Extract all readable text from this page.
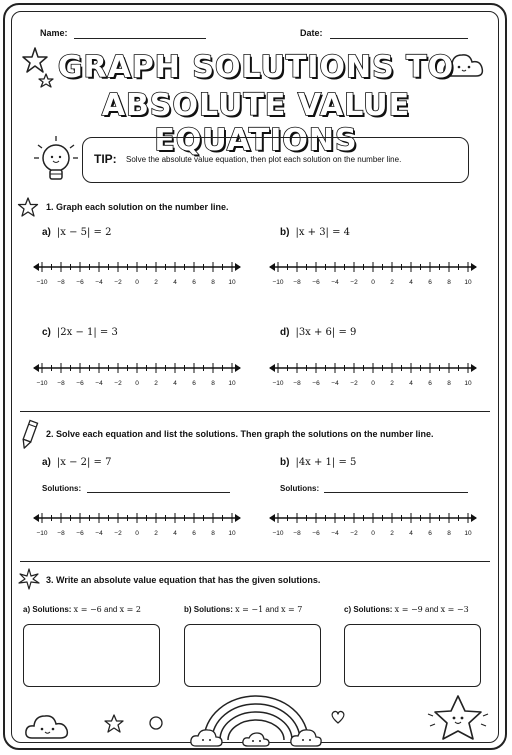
Name:	Date:
GRAPH SOLUTIONS TO
ABSOLUTE VALUE EQUATIONS
TIP: Solve the absolute value equation, then plot each solution on the number line.
1. Graph each solution on the number line.
a) |x − 5| = 2	b) |x + 3| = 4
c) |2x − 1| = 3	d) |3x + 6| = 9
−10 −8 −6 −4 −2 0 2 4 6 8 10	−10 −8 −6 −4 −2 0 2 4 6 8 10
−10 −8 −6 −4 −2 0 2 4 6 8 10	−10 −8 −6 −4 −2 0 2 4 6 8 10
2. Solve each equation and list the solutions. Then graph the solutions on the number line.
a) |x − 2| = 7	b) |4x + 1| = 5
Solutions:	Solutions:
−10 −8 −6 −4 −2 0 2 4 6 8 10	−10 −8 −6 −4 −2 0 2 4 6 8 10
3. Write an absolute value equation that has the given solutions.
a) Solutions: x = −6 and x = 2	b) Solutions: x = −1 and x = 7	c) Solutions: x = −9 and x = −3
